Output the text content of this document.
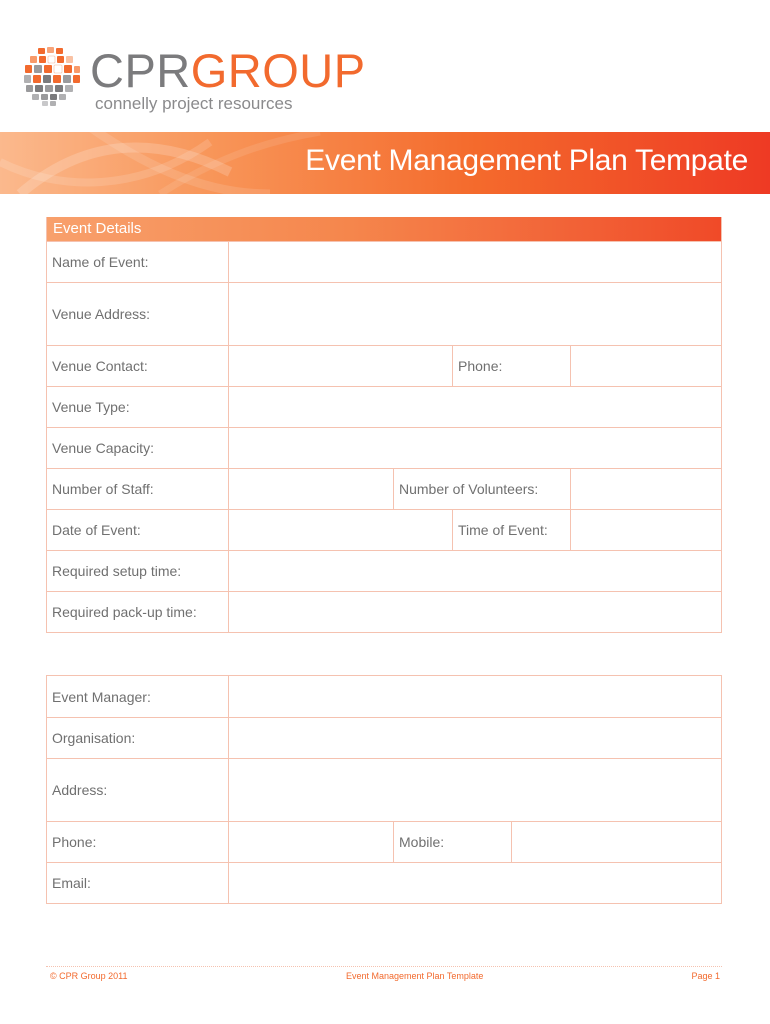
CPRGROUP
connelly project resources
Event Management Plan Tempate
Event Details
Name of Event:
Venue Address:
Venue Contact:	Phone:
Venue Type:
Venue Capacity:
Number of Staff:	Number of Volunteers:
Date of Event:	Time of Event:
Required setup time:
Required pack-up time:
Event Manager:
Organisation:
Address:
Phone:	Mobile:
Email:
© CPR Group 2011	Event Management Plan Template	Page 1
